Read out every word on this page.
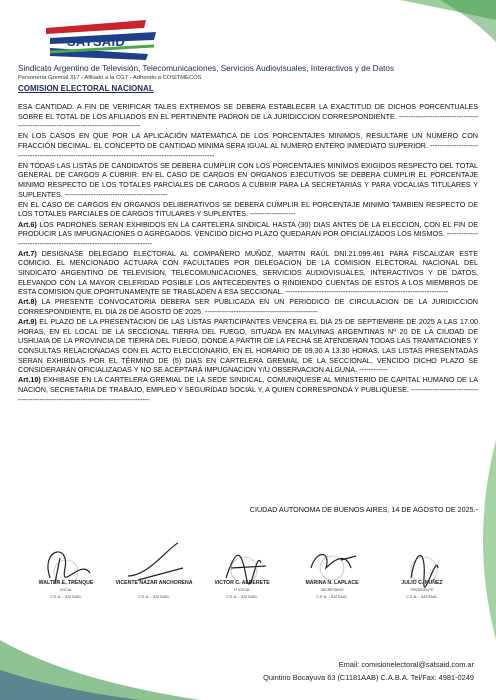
SATSAID
Sindicato Argentino de Televisión, Telecomunicaciones, Servicios Audiovisuales, Interactivos y de Datos
Personería Gremial 317 - Afiliado a la CGT - Adherido a COSITMECOS
COMISION ELECTORAL NACIONAL

ESA CANTIDAD. A FIN DE VERIFICAR TALES EXTREMOS SE DEBERA ESTABLECER LA EXACTITUD DE DICHOS PORCENTUALES SOBRE EL TOTAL DE LOS AFILIADOS EN EL PERTINENTE PADRON DE LA JURIDICCION CORRESPONDIENTE. ------------------------------------------------------------------------------------

EN LOS CASOS EN QUE POR LA APLICACIÓN MATEMATICA DE LOS PORCENTAJES MINIMOS, RESULTARE UN NUMERO CON FRACCIÓN DECIMAL. EL CONCEPTO DE CANTIDAD MINIMA SERA IGUAL AL NUMERO ENTERO INMEDIATO SUPERIOR. ------------------------------------------------------------------------------------------------------

EN TODAS LAS LISTAS DE CANDIDATOS SE DEBERA CUMPLIR CON LOS PORCENTAJES MINIMOS EXIGIDOS RESPECTO DEL TOTAL GENERAL DE CARGOS A CUBRIR. EN EL CASO DE CARGOS EN ORGANOS EJECUTIVOS SE DEBERA CUMPLIR EL PORCENTAJE MINIMO RESPECTO DE LOS TOTALES PARCIALES DE CARGOS A CUBRIR PARA LA SECRETARIAS Y PARA VOCALIAS TITULARES Y SUPLENTES. -------------------------------------------

EN EL CASO DE CARGOS EN ORGANOS DELIBERATIVOS SE DEBERA CUMPLIR EL PORCENTAJE MINIMO TAMBIEN RESPECTO DE LOS TOTALES PARCIALES DE CARGOS TITULARES Y SUPLENTES. -------------------

Art.6) LOS PADRONES SERAN EXHIBIDOS EN LA CARTELERA SINDICAL HASTA (30) DIAS ANTES DE LA ELECCION, CON EL FIN DE PRODUCIR LAS IMPUGNACIONES O AGREGADOS. VENCIDO DICHO PLAZO QUEDARAN POR OFICIALIZADOS LOS MISMOS. ---------------------------------------------------------------------

Art.7) DESIGNASE DELEGADO ELECTORAL AL COMPAÑERO MUÑOZ, MARTIN RAÚL DNI.21.099.461 PARA FISCALIZAR ESTE COMICIO. EL MENCIONADO ACTUARA CON FACULTADES POR DELEGACION DE LA COMISION ELECTORAL NACIONAL DEL SINDICATO ARGENTINO DE TELEVISION, TELECOMUNICACIONES, SERVICIOS AUDIOVISUALES, INTERACTIVOS Y DE DATOS, ELEVANDO CON LA MAYOR CELERIDAD POSIBLE LOS ANTECEDENTES O RINDIENDO CUENTAS DE ESTOS A LOS MIEMBROS DE ESTA COMISION QUE OPORTUNAMENTE SE TRASLADEN A ESA SECCIONAL. --------------------------------------------------------------------

Art.8) LA PRESENTE CONVOCATORIA DEBERA SER PUBLICADA EN UN PERIODICO DE CIRCULACION DE LA JURIDICCION CORRESPONDIENTE, EL DIA 28 DE AGOSTO DE 2025. -----------------------------------------------

Art.9) EL PLAZO DE LA PRESENTACION DE LAS LISTAS PARTICIPANTES VENCERA EL DIA 25 DE SEPTIEMBRE DE 2025 A LAS 17.00 HORAS, EN EL LOCAL DE LA SECCIONAL TIERRA DEL FUEGO, SITUADA EN MALVINAS ARGENTINAS Nº 20 DE LA CIUDAD DE USHUAIA DE LA PROVINCIA DE TIERRA DEL FUEGO, DONDE A PARTIR DE LA FECHA SE ATENDERAN TODAS LAS TRAMITACIONES Y CONSULTAS RELACIONADAS CON EL ACTO ELECCIONARIO, EN EL HORARIO DE 09.30 A 13.30 HORAS. LAS LISTAS PRESENTADAS SERAN EXHIBIDAS POR EL TÉRMINO DE (5) DIAS EN CARTELERA GREMIAL DE LA SECCIONAL, VENCIDO DICHO PLAZO SE CONSIDERARÁN OFICIALIZADAS Y NO SE ACEPTARÁ IMPUGNACION Y/U OBSERVACION ALGUNA. ------------

Art.10) EXHIBASE EN LA CARTELERA GREMIAL DE LA SEDE SINDICAL, COMUNIQUESE AL MINISTERIO DE CAPITAL HUMANO DE LA NACION, SECRETARIA DE TRABAJO, EMPLEO Y SEGURIDAD SOCIAL Y, A QUIEN CORRESPONDA Y PUBLIQUESE. -----------------------------------------------------------------------------------

CIUDAD AUTONOMA DE BUENOS AIRES, 14 DE AGOSTO DE 2025.-
WALTER E. TRENQUE
VOCAL
C.E.N. - SATSAID.
VICENTE NAZAR ANCHORENA
C.E.N. - SATSAID.
VICTOR C. ALDERETE
1º VOCAL
C.E.N. - SATSAID.
MARINA N. LAPLACE
SECRETARIO
C.E.N. - SATSAID.
JULIO C. NUÑEZ
PRESIDENTE
C.E.N. - SATSAID.
Email: comisionelectoral@satsaid.com.ar
Quintino Bocayuva 63 (C1181AAB) C.A.B.A. Tel/Fax: 4981-0249
